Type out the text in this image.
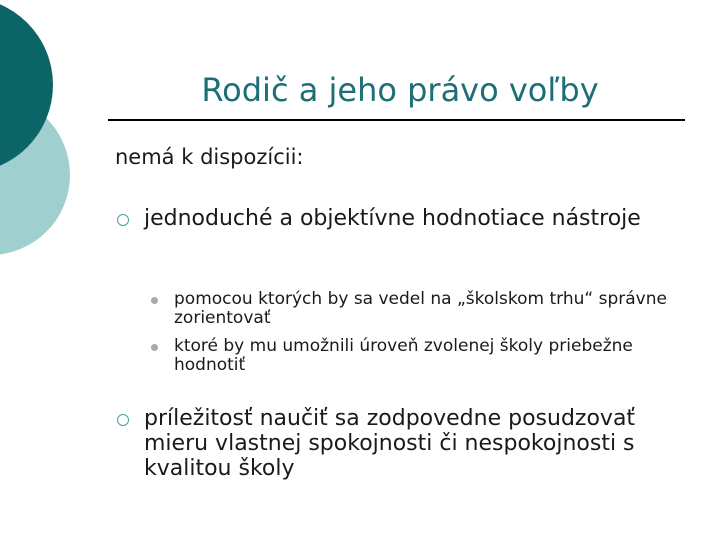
Rodič a jeho právo voľby
nemá k dispozícii:
jednoduché a objektívne hodnotiace nástroje
pomocou ktorých by sa vedel na „školskom trhu“ správne zorientovať
ktoré by mu umožnili úroveň zvolenej školy priebežne hodnotiť
príležitosť naučiť sa zodpovedne posudzovať mieru vlastnej spokojnosti či nespokojnosti s kvalitou školy
